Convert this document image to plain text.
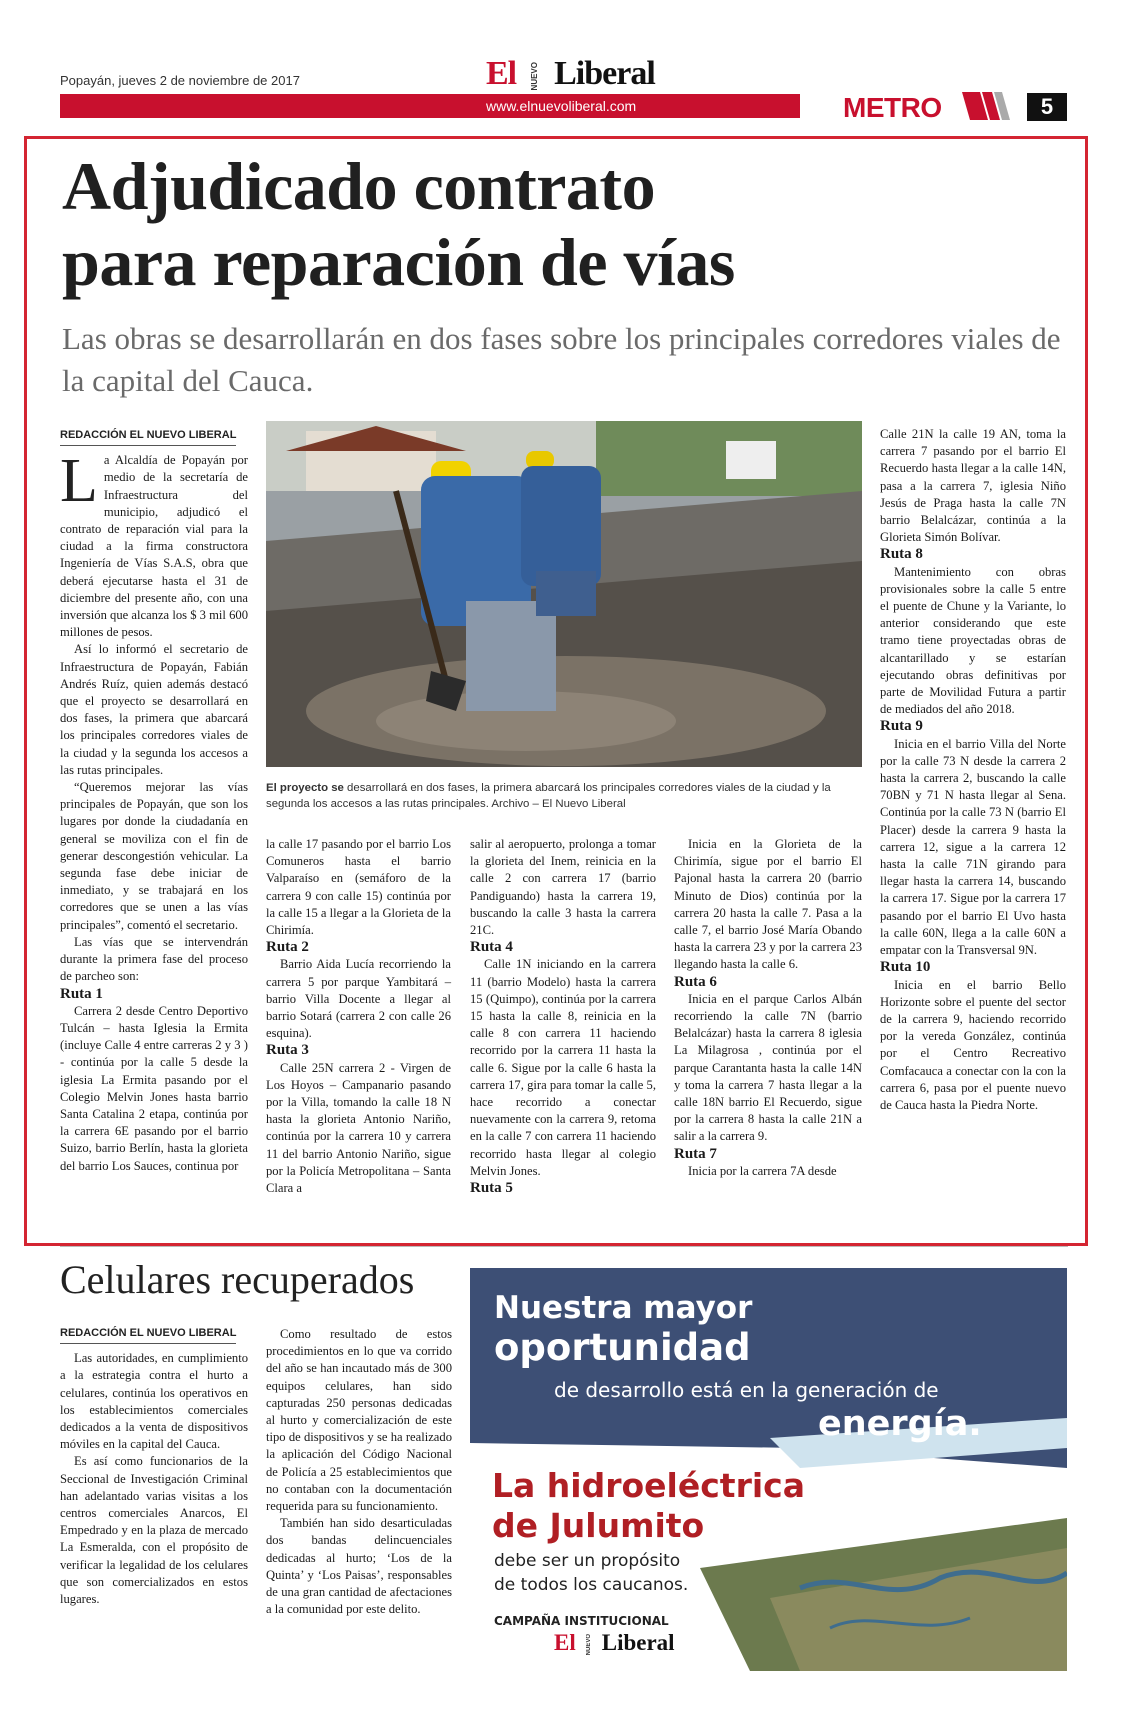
Popayán, jueves 2 de noviembre de 2017	El NUEVO Liberal
www.elnuevoliberal.com	METRO	5
Adjudicado contrato
para reparación de vías
Las obras se desarrollarán en dos fases sobre los principales corredores viales de la capital del Cauca.
REDACCIÓN EL NUEVO LIBERAL

La Alcaldía de Popayán por medio de la secretaría de Infraestructura del municipio, adjudicó el contrato de reparación vial para la ciudad a la firma constructora Ingeniería de Vías S.A.S, obra que deberá ejecutarse hasta el 31 de diciembre del presente año, con una inversión que alcanza los $ 3 mil 600 millones de pesos.

Así lo informó el secretario de Infraestructura de Popayán, Fabián Andrés Ruíz, quien además destacó que el proyecto se desarrollará en dos fases, la primera que abarcará los principales corredores viales de la ciudad y la segunda los accesos a las rutas principales.

“Queremos mejorar las vías principales de Popayán, que son los lugares por donde la ciudadanía en general se moviliza con el fin de generar descongestión vehicular. La segunda fase debe iniciar de inmediato, y se trabajará en los corredores que se unen a las vías principales”, comentó el secretario.

Las vías que se intervendrán durante la primera fase del proceso de parcheo son:

Ruta 1

Carrera 2 desde Centro Deportivo Tulcán – hasta Iglesia la Ermita (incluye Calle 4 entre carreras 2 y 3 ) - continúa por la calle 5 desde la iglesia La Ermita pasando por el Colegio Melvin Jones hasta barrio Santa Catalina 2 etapa, continúa por la carrera 6E pasando por el barrio Suizo, barrio Berlín, hasta la glorieta del barrio Los Sauces, continua por

El proyecto se desarrollará en dos fases, la primera abarcará los principales corredores viales de la ciudad y la segunda los accesos a las rutas principales. Archivo – El Nuevo Liberal

la calle 17 pasando por el barrio Los Comuneros hasta el barrio Valparaíso en (semáforo de la carrera 9 con calle 15) continúa por la calle 15 a llegar a la Glorieta de la Chirimía.

Ruta 2

Barrio Aida Lucía recorriendo la carrera 5 por parque Yambitará – barrio Villa Docente a llegar al barrio Sotará (carrera 2 con calle 26 esquina).

Ruta 3

Calle 25N carrera 2 - Virgen de Los Hoyos – Campanario pasando por la Villa, tomando la calle 18 N hasta la glorieta Antonio Nariño, continúa por la carrera 10 y carrera 11 del barrio Antonio Nariño, sigue por la Policía Metropolitana – Santa Clara a

salir al aeropuerto, prolonga a tomar la glorieta del Inem, reinicia en la calle 2 con carrera 17 (barrio Pandiguando) hasta la carrera 19, buscando la calle 3 hasta la carrera 21C.

Ruta 4

Calle 1N iniciando en la carrera 11 (barrio Modelo) hasta la carrera 15 (Quimpo), continúa por la carrera 15 hasta la calle 8, reinicia en la calle 8 con carrera 11 haciendo recorrido por la carrera 11 hasta la calle 6. Sigue por la calle 6 hasta la carrera 17, gira para tomar la calle 5, hace recorrido a conectar nuevamente con la carrera 9, retoma en la calle 7 con carrera 11 haciendo recorrido hasta llegar al colegio Melvin Jones.

Ruta 5

Inicia en la Glorieta de la Chirimía, sigue por el barrio El Pajonal hasta la carrera 20 (barrio Minuto de Dios) continúa por la carrera 20 hasta la calle 7. Pasa a la calle 7, el barrio José María Obando hasta la carrera 23 y por la carrera 23 llegando hasta la calle 6.

Ruta 6

Inicia en el parque Carlos Albán recorriendo la calle 7N (barrio Belalcázar) hasta la carrera 8 iglesia La Milagrosa , continúa por el parque Carantanta hasta la calle 14N y toma la carrera 7 hasta llegar a la calle 18N barrio El Recuerdo, sigue por la carrera 8 hasta la calle 21N a salir a la carrera 9.

Ruta 7

Inicia por la carrera 7A desde

Calle 21N la calle 19 AN, toma la carrera 7 pasando por el barrio El Recuerdo hasta llegar a la calle 14N, pasa a la carrera 7, iglesia Niño Jesús de Praga hasta la calle 7N barrio Belalcázar, continúa a la Glorieta Simón Bolívar.

Ruta 8

Mantenimiento con obras provisionales sobre la calle 5 entre el puente de Chune y la Variante, lo anterior considerando que este tramo tiene proyectadas obras de alcantarillado y se estarían ejecutando obras definitivas por parte de Movilidad Futura a partir de mediados del año 2018.

Ruta 9

Inicia en el barrio Villa del Norte por la calle 73 N desde la carrera 2 hasta la carrera 2, buscando la calle 70BN y 71 N hasta llegar al Sena. Continúa por la calle 73 N (barrio El Placer) desde la carrera 9 hasta la carrera 12, sigue a la carrera 12 hasta la calle 71N girando para llegar hasta la carrera 14, buscando la carrera 17. Sigue por la carrera 17 pasando por el barrio El Uvo hasta la calle 60N, llega a la calle 60N a empatar con la Transversal 9N.

Ruta 10

Inicia en el barrio Bello Horizonte sobre el puente del sector de la carrera 9, haciendo recorrido por la vereda González, continúa por el Centro Recreativo Comfacauca a conectar con la con la carrera 6, pasa por el puente nuevo de Cauca hasta la Piedra Norte.

Celulares recuperados
REDACCIÓN EL NUEVO LIBERAL

Las autoridades, en cumplimiento a la estrategia contra el hurto a celulares, continúa los operativos en los establecimientos comerciales dedicados a la venta de dispositivos móviles en la capital del Cauca.

Es así como funcionarios de la Seccional de Investigación Criminal han adelantado varias visitas a los centros comerciales Anarcos, El Empedrado y en la plaza de mercado La Esmeralda, con el propósito de verificar la legalidad de los celulares que son comercializados en estos lugares.

Como resultado de estos procedimientos en lo que va corrido del año se han incautado más de 300 equipos celulares, han sido capturadas 250 personas dedicadas al hurto y comercialización de este tipo de dispositivos y se ha realizado la aplicación del Código Nacional de Policía a 25 establecimientos que no contaban con la documentación requerida para su funcionamiento.

También han sido desarticuladas dos bandas delincuenciales dedicadas al hurto; ‘Los de la Quinta’ y ‘Los Paisas’, responsables de una gran cantidad de afectaciones a la comunidad por este delito.

Nuestra mayor
oportunidad
de desarrollo está en la generación de
energía.
La hidroeléctrica
de Julumito
debe ser un propósito
de todos los caucanos.
CAMPAÑA INSTITUCIONAL
El NUEVO Liberal
